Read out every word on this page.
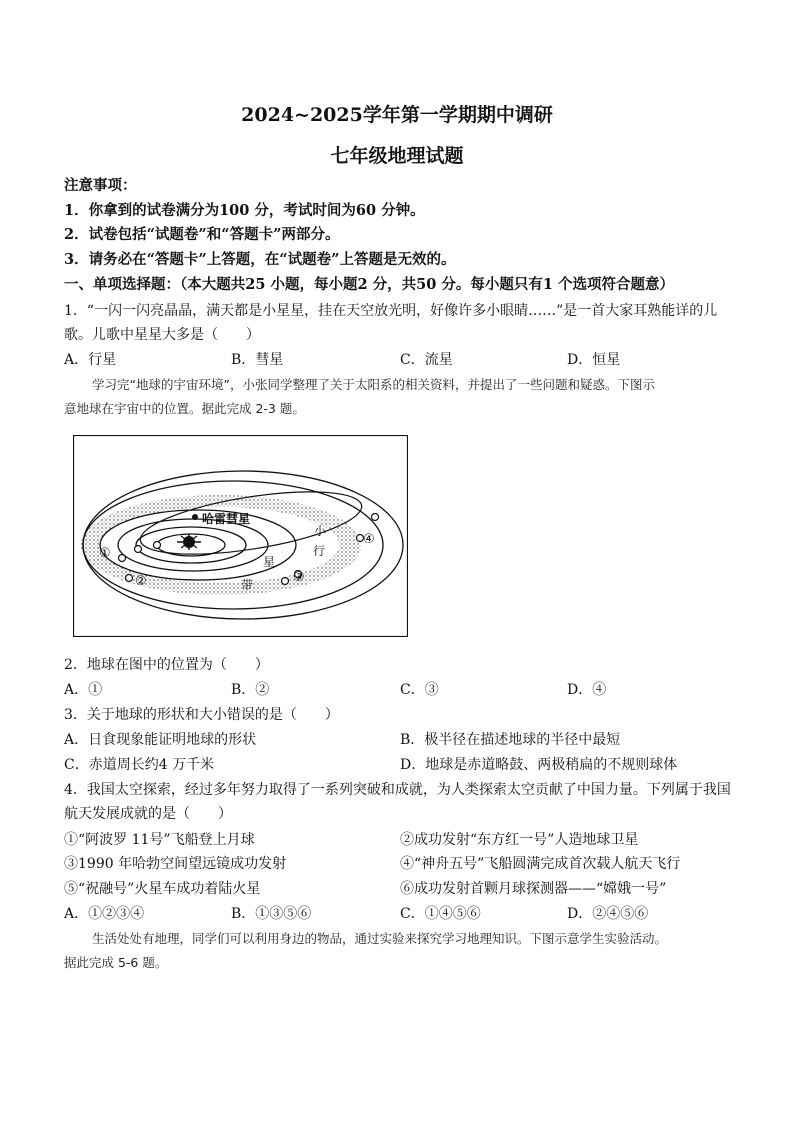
2024~2025学年第一学期期中调研
七年级地理试题
注意事项：
1．你拿到的试卷满分为100 分，考试时间为60 分钟。
2．试卷包括“试题卷”和“答题卡”两部分。
3．请务必在“答题卡”上答题，在“试题卷”上答题是无效的。
一、单项选择题：（本大题共25 小题，每小题2 分，共50 分。每小题只有1 个选项符合题意）
1．“一闪一闪亮晶晶，满天都是小星星，挂在天空放光明，好像许多小眼睛……”是一首大家耳熟能详的儿
歌。儿歌中星星大多是（　　）
A．行星	B．彗星	C．流星	D．恒星
学习完“地球的宇宙环境”，小张同学整理了关于太阳系的相关资料，并提出了一些问题和疑惑。下图示
意地球在宇宙中的位置。据此完成 2-3 题。
哈雷彗星
①
②	③
④
小
行
星
带
2．地球在图中的位置为（　　）
A．①	B．②	C．③	D．④
3．关于地球的形状和大小错误的是（　　）
A．日食现象能证明地球的形状	B．极半径在描述地球的半径中最短
C．赤道周长约4 万千米	D．地球是赤道略鼓、两极稍扁的不规则球体
4．我国太空探索，经过多年努力取得了一系列突破和成就，为人类探索太空贡献了中国力量。下列属于我国
航天发展成就的是（　　）
①“阿波罗 11号”飞船登上月球	②成功发射“东方红一号”人造地球卫星
③1990 年哈勃空间望远镜成功发射	④“神舟五号”飞船圆满完成首次载人航天飞行
⑤“祝融号”火星车成功着陆火星	⑥成功发射首颗月球探测器——“嫦娥一号”
A．①②③④	B．①③⑤⑥	C．①④⑤⑥	D．②④⑤⑥
生活处处有地理，同学们可以利用身边的物品，通过实验来探究学习地理知识。下图示意学生实验活动。
据此完成 5-6 题。
